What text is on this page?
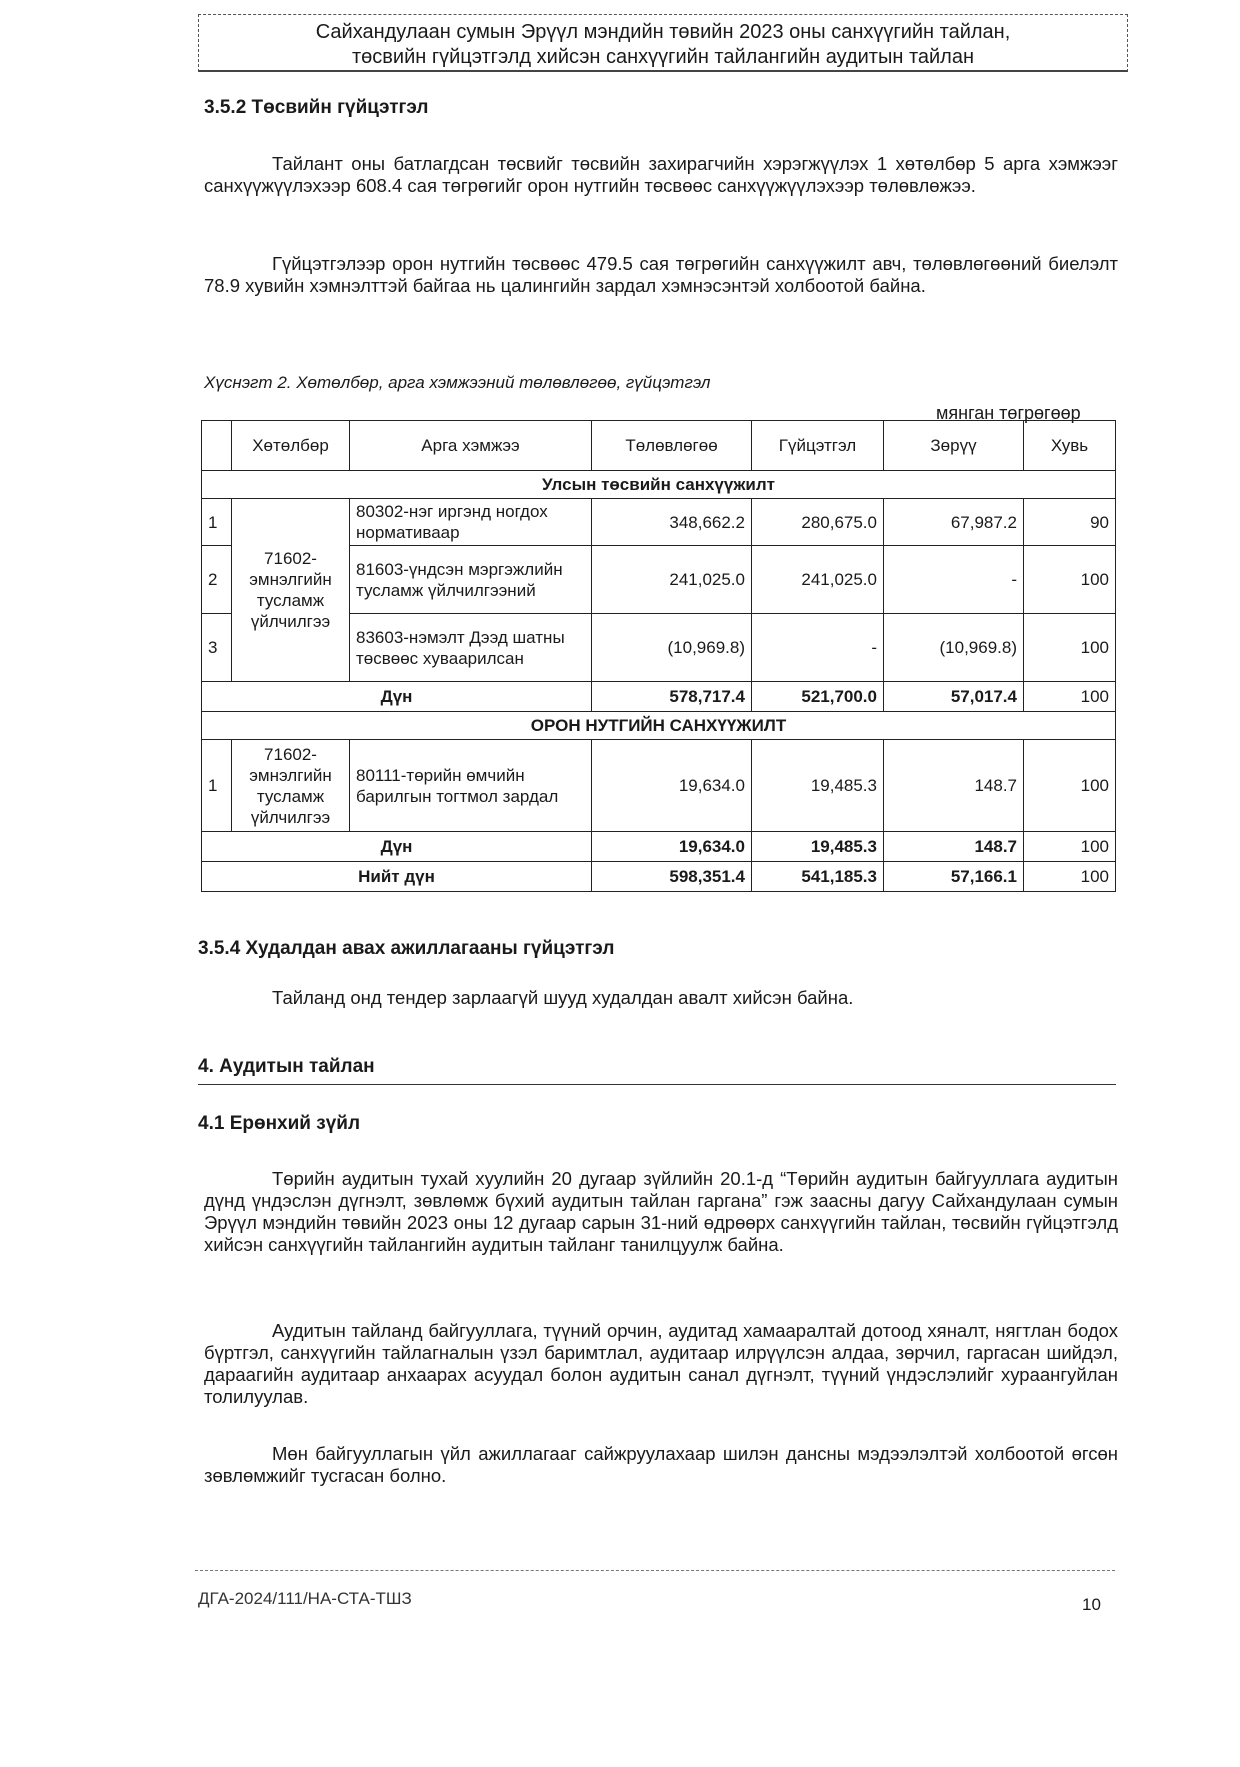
Сайхандулаан сумын Эрүүл мэндийн төвийн 2023 оны санхүүгийн тайлан,
төсвийн гүйцэтгэлд хийсэн санхүүгийн тайлангийн аудитын тайлан
3.5.2 Төсвийн гүйцэтгэл

Тайлант оны батлагдсан төсвийг төсвийн захирагчийн хэрэгжүүлэх 1 хөтөлбөр 5 арга хэмжээг санхүүжүүлэхээр 608.4 сая төгрөгийг орон нутгийн төсвөөс санхүүжүүлэхээр төлөвлөжээ.

Гүйцэтгэлээр орон нутгийн төсвөөс 479.5 сая төгрөгийн санхүүжилт авч, төлөвлөгөөний биелэлт 78.9 хувийн хэмнэлттэй байгаа нь цалингийн зардал хэмнэсэнтэй холбоотой байна.

Хүснэгт 2. Хөтөлбөр, арга хэмжээний төлөвлөгөө, гүйцэтгэл
мянган төгрөгөөр
	Хөтөлбөр	Арга хэмжээ	Төлөвлөгөө	Гүйцэтгэл	Зөрүү	Хувь
Улсын төсвийн санхүүжилт						
1	71602-эмнэлгийн тусламж үйлчилгээ	80302-нэг иргэнд ногдох нормативаар	348,662.2	280,675.0	67,987.2	90
2		81603-үндсэн мэргэжлийн тусламж үйлчилгээний	241,025.0	241,025.0	-	100
3		83603-нэмэлт Дээд шатны төсвөөс хуваарилсан	(10,969.8)	-	(10,969.8)	100
Дүн			578,717.4	521,700.0	57,017.4	100
ОРОН НУТГИЙН САНХҮҮЖИЛТ						
1	71602-эмнэлгийн тусламж үйлчилгээ	80111-төрийн өмчийн барилгын тогтмол зардал	19,634.0	19,485.3	148.7	100
Дүн			19,634.0	19,485.3	148.7	100
Нийт дүн			598,351.4	541,185.3	57,166.1	100
3.5.4 Худалдан авах ажиллагааны гүйцэтгэл

Тайланд онд тендер зарлаагүй шууд худалдан авалт хийсэн байна.

4. Аудитын тайлан
4.1 Ерөнхий зүйл

Төрийн аудитын тухай хуулийн 20 дугаар зүйлийн 20.1-д “Төрийн аудитын байгууллага аудитын дүнд үндэслэн дүгнэлт, зөвлөмж бүхий аудитын тайлан гаргана” гэж заасны дагуу Сайхандулаан сумын Эрүүл мэндийн төвийн 2023 оны 12 дугаар сарын 31-ний өдрөөрх санхүүгийн тайлан, төсвийн гүйцэтгэлд хийсэн санхүүгийн тайлангийн аудитын тайланг танилцуулж байна.

Аудитын тайланд байгууллага, түүний орчин, аудитад хамааралтай дотоод хяналт, нягтлан бодох бүртгэл, санхүүгийн тайлагналын үзэл баримтлал, аудитаар илрүүлсэн алдаа, зөрчил, гаргасан шийдэл, дараагийн аудитаар анхаарах асуудал болон аудитын санал дүгнэлт, түүний үндэслэлийг хураангуйлан толилуулав.

Мөн байгууллагын үйл ажиллагааг сайжруулахаар шилэн дансны мэдээлэлтэй холбоотой өгсөн зөвлөмжийг тусгасан болно.

ДГА-2024/111/НА-СТА-ТШЗ	10
